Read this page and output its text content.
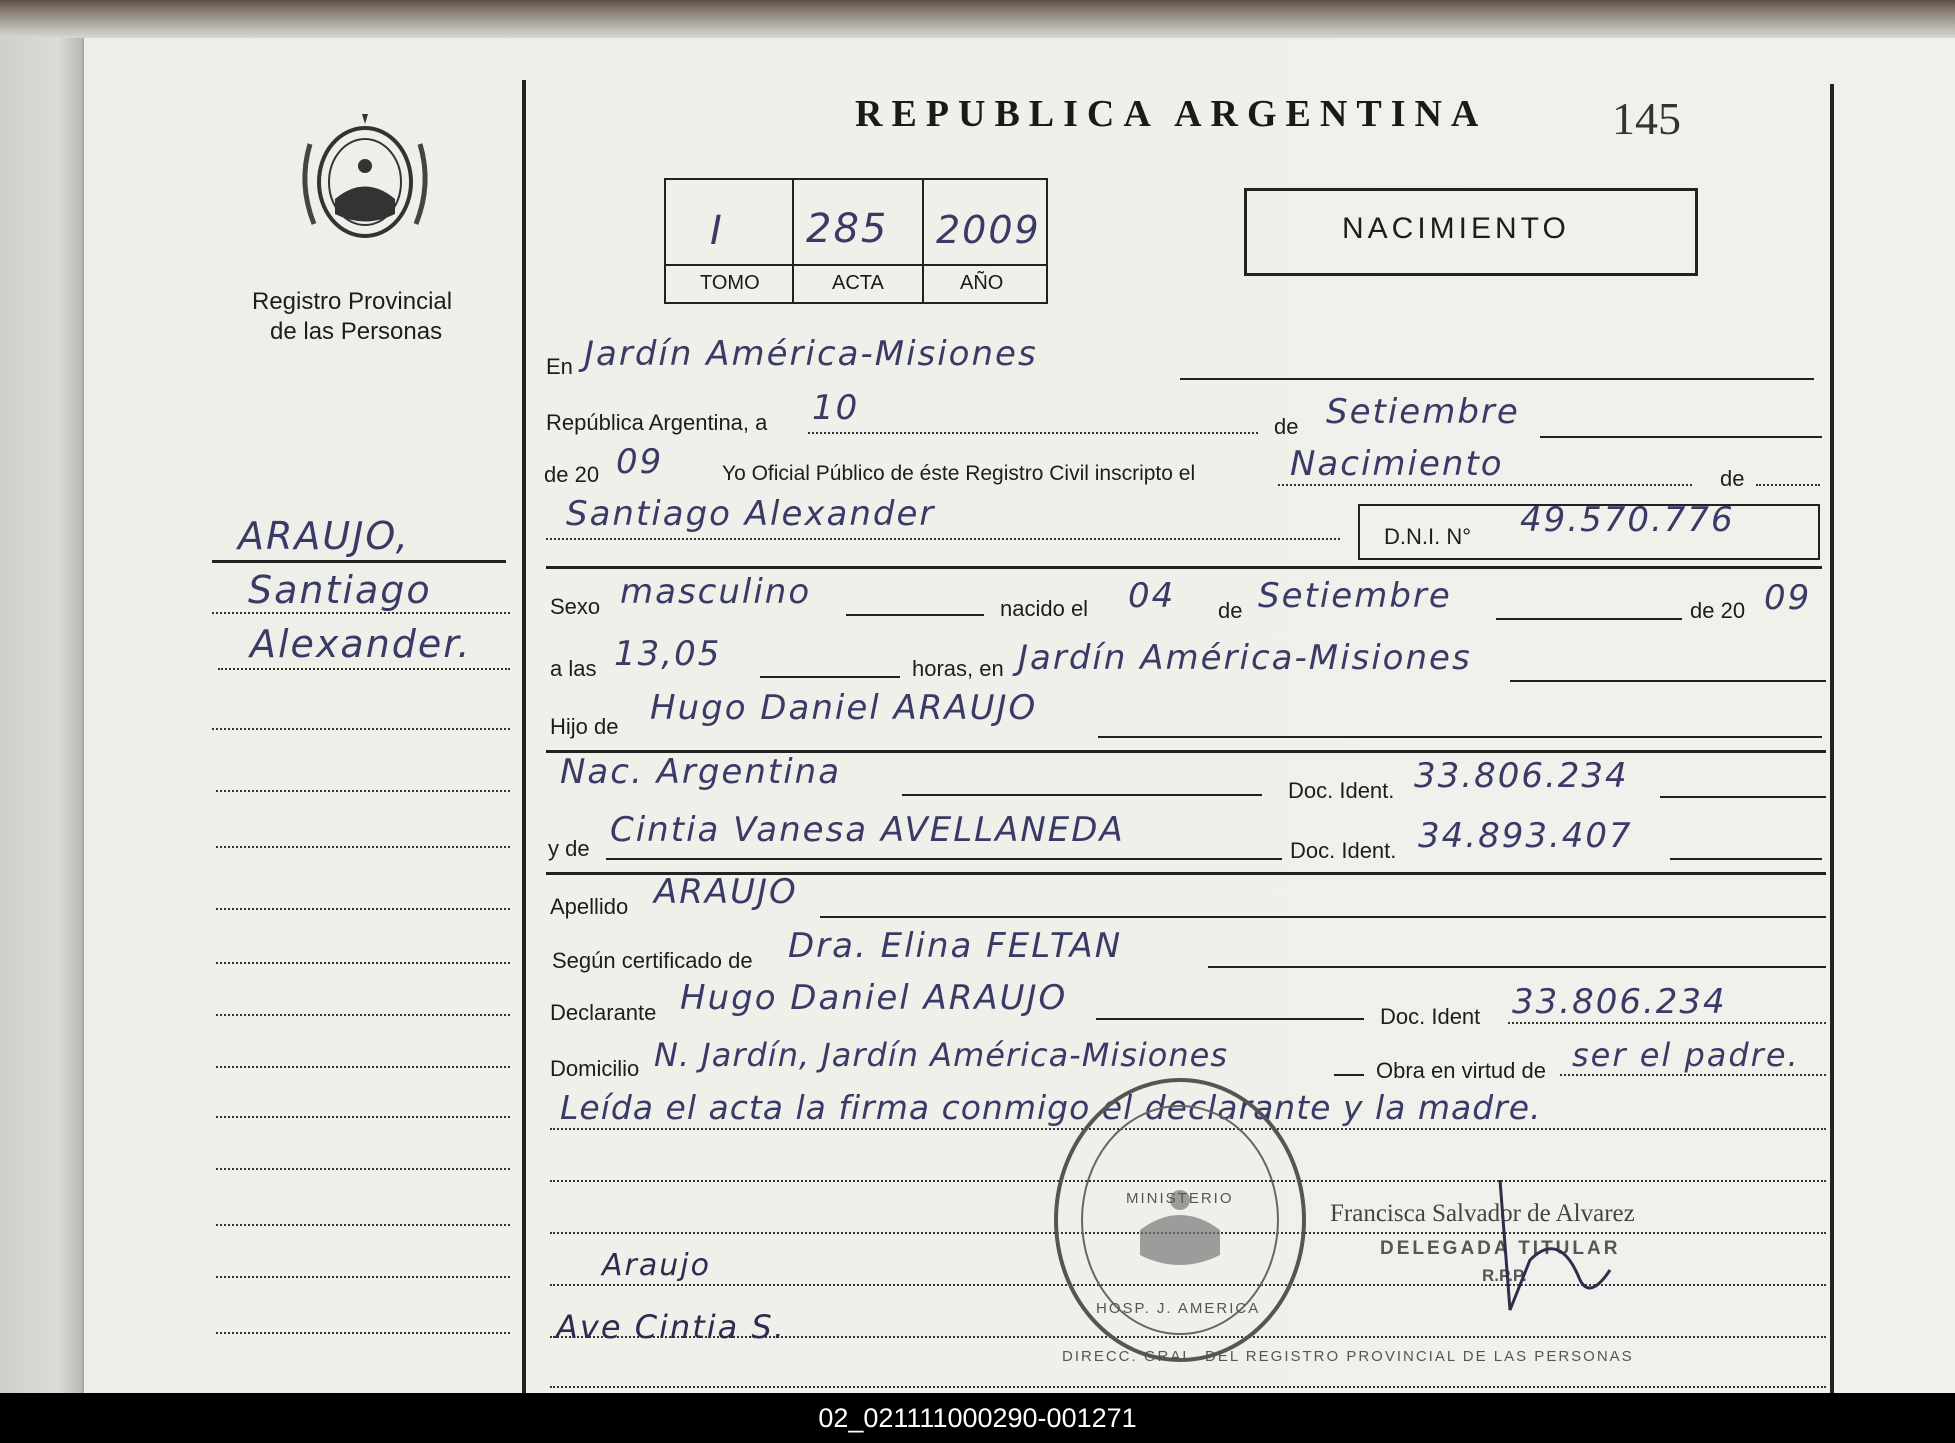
Registro Provincial
de las Personas
ARAUJO,
Santiago
Alexander.
REPUBLICA ARGENTINA	145
I 285 2009
TOMO	ACTA	AÑO
NACIMIENTO
En Jardín América-Misiones
República Argentina, a 10	de Setiembre
de 20 09	Yo Oficial Público de éste Registro Civil inscripto el	Nacimiento	de
Santiago Alexander
D.N.I. N° 49.570.776
Sexo masculino	nacido el 04 de Setiembre	de 20 09
a las 13,05	horas, en Jardín América-Misiones
Hijo de Hugo Daniel ARAUJO
Nac. Argentina	Doc. Ident. 33.806.234
y de Cintia Vanesa AVELLANEDA
Doc. Ident. 34.893.407
Apellido ARAUJO
Según certificado de Dra. Elina FELTAN
Declarante Hugo Daniel ARAUJO	Doc. Ident 33.806.234
Domicilio N. Jardín, Jardín América-Misiones	Obra en virtud de ser el padre.
Leída el acta la firma conmigo el declarante y la madre.
DIRECC. GRAL. DEL REGISTRO PROVINCIAL DE LAS PERSONAS
MINISTERIO
HOSP. J. AMERICA
Francisca Salvador de Alvarez
DELEGADA TITULAR
R.P.P.
Araujo
Ave Cintia S.
02_021111000290-001271
